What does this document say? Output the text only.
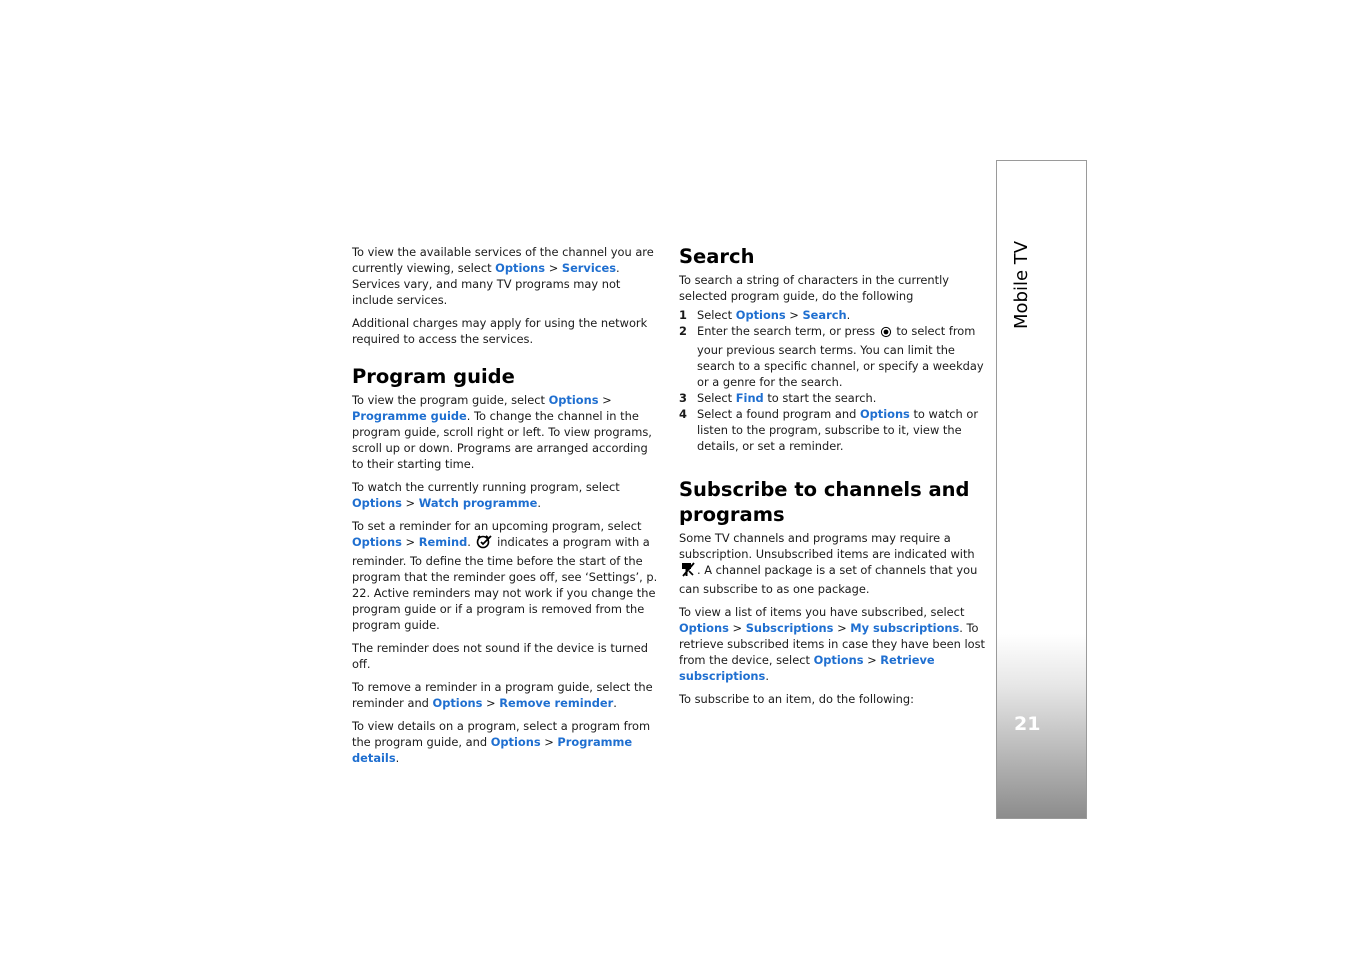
To view the available services of the channel you are currently viewing, select Options > Services. Services vary, and many TV programs may not include services.

Additional charges may apply for using the network required to access the services.

Program guide

To view the program guide, select Options > Programme guide. To change the channel in the program guide, scroll right or left. To view programs, scroll up or down. Programs are arranged according to their starting time.

To watch the currently running program, select Options > Watch programme.

To set a reminder for an upcoming program, select Options > Remind.  indicates a program with a reminder. To define the time before the start of the program that the reminder goes off, see ‘Settings’, p. 22. Active reminders may not work if you change the program guide or if a program is removed from the program guide.

The reminder does not sound if the device is turned off.

To remove a reminder in a program guide, select the reminder and Options > Remove reminder.

To view details on a program, select a program from the program guide, and Options > Programme details.

Search

To search a string of characters in the currently selected program guide, do the following

1 Select Options > Search.
2 Enter the search term, or press  to select from your previous search terms. You can limit the search to a specific channel, or specify a weekday or a genre for the search.
3 Select Find to start the search.
4 Select a found program and Options to watch or listen to the program, subscribe to it, view the details, or set a reminder.
Subscribe to channels and programs

Some TV channels and programs may require a subscription. Unsubscribed items are indicated with . A channel package is a set of channels that you can subscribe to as one package.

To view a list of items you have subscribed, select Options > Subscriptions > My subscriptions. To retrieve subscribed items in case they have been lost from the device, select Options > Retrieve subscriptions.

To subscribe to an item, do the following:

Mobile TV
21
